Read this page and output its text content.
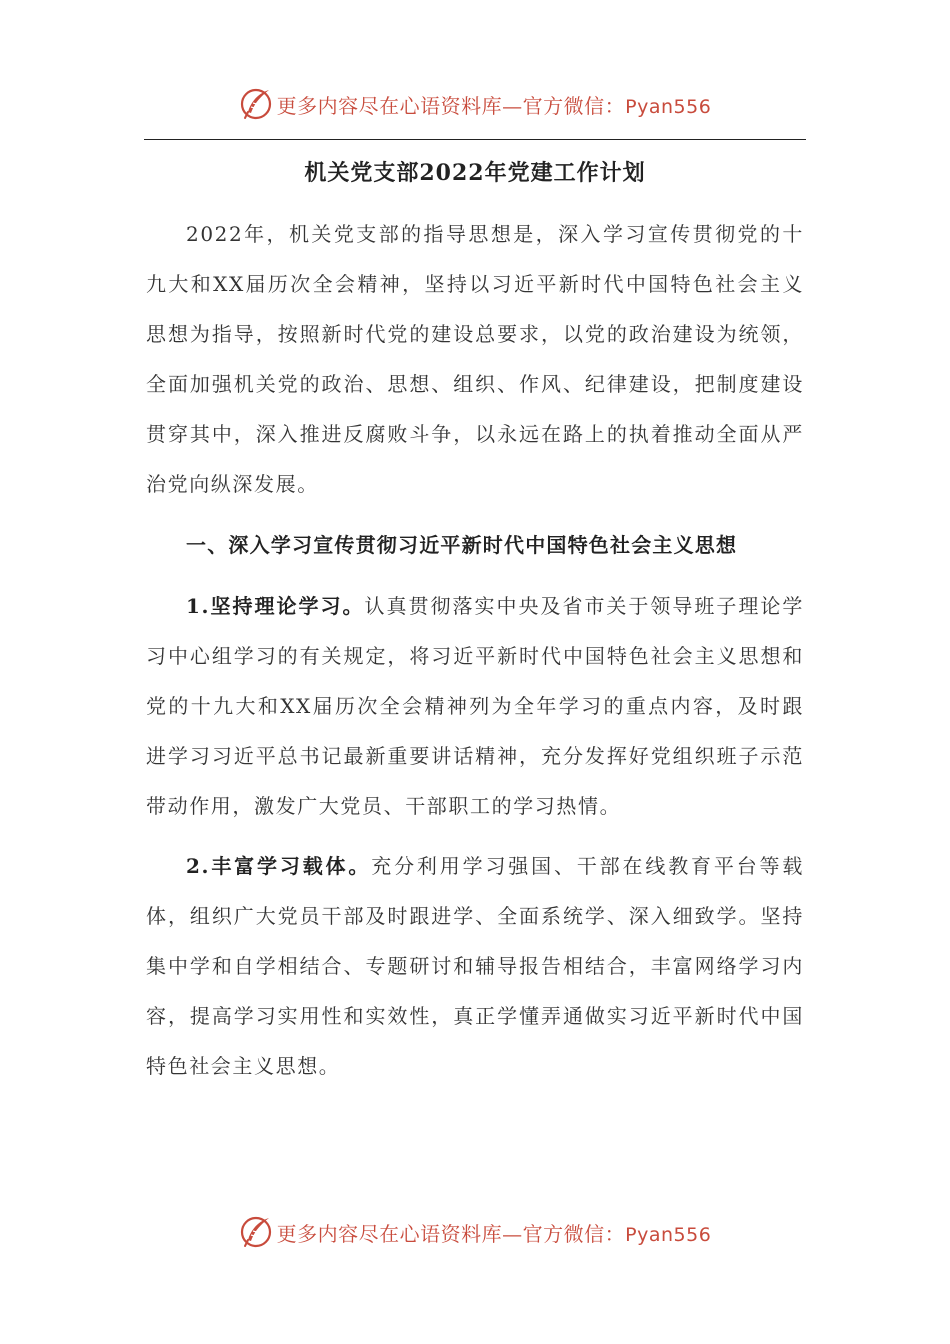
更多内容尽在心语资料库—官方微信：Pyan556
机关党支部2022年党建工作计划

2022年，机关党支部的指导思想是，深入学习宣传贯彻党的十九大和XX届历次全会精神，坚持以习近平新时代中国特色社会主义思想为指导，按照新时代党的建设总要求，以党的政治建设为统领，全面加强机关党的政治、思想、组织、作风、纪律建设，把制度建设贯穿其中，深入推进反腐败斗争，以永远在路上的执着推动全面从严治党向纵深发展。

一、深入学习宣传贯彻习近平新时代中国特色社会主义思想

1.坚持理论学习。认真贯彻落实中央及省市关于领导班子理论学习中心组学习的有关规定，将习近平新时代中国特色社会主义思想和党的十九大和XX届历次全会精神列为全年学习的重点内容，及时跟进学习习近平总书记最新重要讲话精神，充分发挥好党组织班子示范带动作用，激发广大党员、干部职工的学习热情。

2.丰富学习载体。充分利用学习强国、干部在线教育平台等载体，组织广大党员干部及时跟进学、全面系统学、深入细致学。坚持集中学和自学相结合、专题研讨和辅导报告相结合，丰富网络学习内容，提高学习实用性和实效性，真正学懂弄通做实习近平新时代中国特色社会主义思想。

更多内容尽在心语资料库—官方微信：Pyan556
